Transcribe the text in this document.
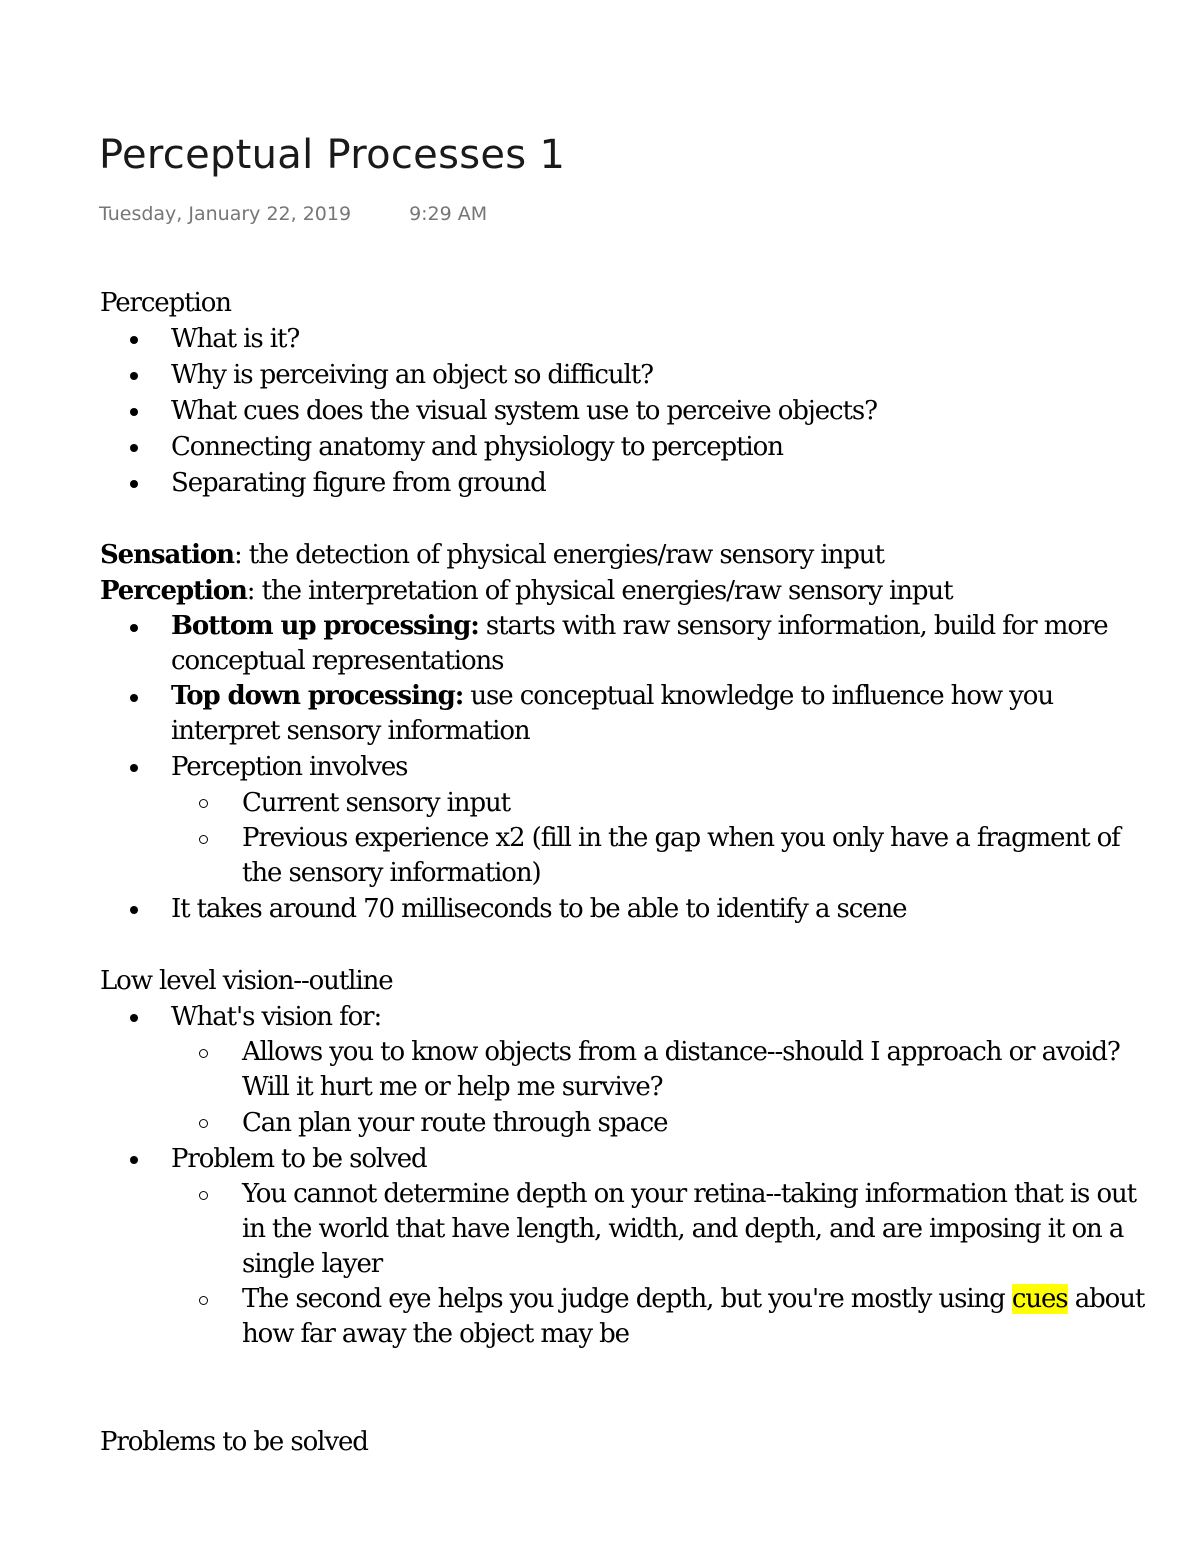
Perceptual Processes 1
Tuesday, January 22, 2019	9:29 AM

Perception

What is it?
Why is perceiving an object so difficult?
What cues does the visual system use to perceive objects?
Connecting anatomy and physiology to perception
Separating figure from ground

Sensation: the detection of physical energies/raw sensory input

Perception: the interpretation of physical energies/raw sensory input

Bottom up processing: starts with raw sensory information, build for more conceptual representations
Top down processing: use conceptual knowledge to influence how you interpret sensory information
Perception involves
Current sensory input
Previous experience x2 (fill in the gap when you only have a fragment of the sensory information)
It takes around 70 milliseconds to be able to identify a scene

Low level vision--outline

What's vision for:
Allows you to know objects from a distance--should I approach or avoid? Will it hurt me or help me survive?
Can plan your route through space
Problem to be solved
You cannot determine depth on your retina--taking information that is out in the world that have length, width, and depth, and are imposing it on a single layer
The second eye helps you judge depth, but you're mostly using cues about how far away the object may be
Problems to be solved
